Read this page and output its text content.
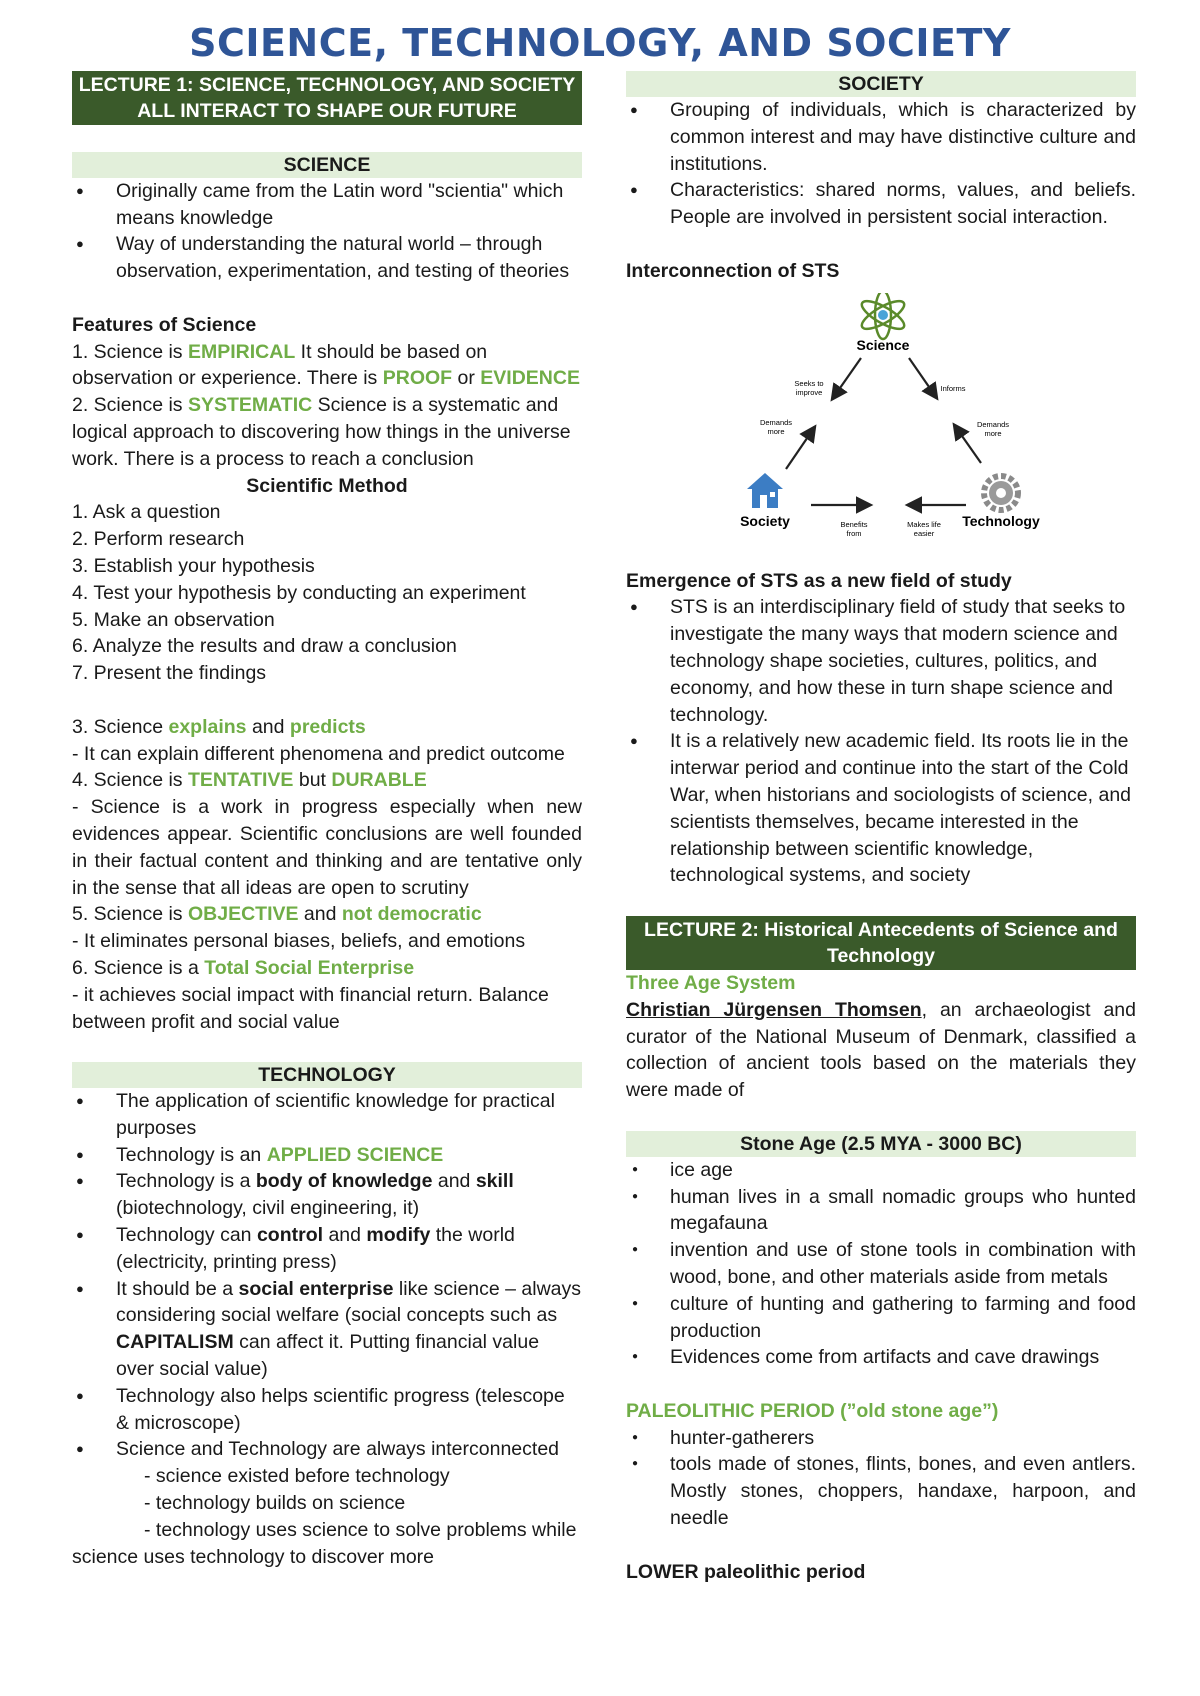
SCIENCE, TECHNOLOGY, AND SOCIETY
LECTURE 1: SCIENCE, TECHNOLOGY, AND SOCIETY
ALL INTERACT TO SHAPE OUR FUTURE
SCIENCE
● Originally came from the Latin word "scientia" which means knowledge
● Way of understanding the natural world – through observation, experimentation, and testing of theories
Features of Science
1. Science is EMPIRICAL It should be based on observation or experience. There is PROOF or EVIDENCE
2. Science is SYSTEMATIC Science is a systematic and logical approach to discovering how things in the universe work. There is a process to reach a conclusion
Scientific Method
1. Ask a question
2. Perform research
3. Establish your hypothesis
4. Test your hypothesis by conducting an experiment
5. Make an observation
6. Analyze the results and draw a conclusion
7. Present the findings
3. Science explains and predicts
- It can explain different phenomena and predict outcome
4. Science is TENTATIVE but DURABLE
- Science is a work in progress especially when new evidences appear. Scientific conclusions are well founded in their factual content and thinking and are tentative only in the sense that all ideas are open to scrutiny
5. Science is OBJECTIVE and not democratic
- It eliminates personal biases, beliefs, and emotions
6. Science is a Total Social Enterprise
- it achieves social impact with financial return. Balance between profit and social value
TECHNOLOGY
● The application of scientific knowledge for practical purposes
● Technology is an APPLIED SCIENCE
● Technology is a body of knowledge and skill (biotechnology, civil engineering, it)
● Technology can control and modify the world (electricity, printing press)
● It should be a social enterprise like science – always considering social welfare (social concepts such as CAPITALISM can affect it. Putting financial value over social value)
● Technology also helps scientific progress (telescope & microscope)
● Science and Technology are always interconnected
- science existed before technology
- technology builds on science
- technology uses science to solve problems while
science uses technology to discover more
SOCIETY
● Grouping of individuals, which is characterized by common interest and may have distinctive culture and institutions.
● Characteristics: shared norms, values, and beliefs. People are involved in persistent social interaction.
Interconnection of STS
Science
Seeks to
improve	Informs
Demands
more
Demands
more
Society	Technology
Benefits
from
Makes life
easier
Emergence of STS as a new field of study
● STS is an interdisciplinary field of study that seeks to investigate the many ways that modern science and technology shape societies, cultures, politics, and economy, and how these in turn shape science and technology.
● It is a relatively new academic field. Its roots lie in the interwar period and continue into the start of the Cold War, when historians and sociologists of science, and scientists themselves, became interested in the relationship between scientific knowledge, technological systems, and society
LECTURE 2: Historical Antecedents of Science and Technology
Three Age System
Christian Jürgensen Thomsen, an archaeologist and curator of the National Museum of Denmark, classified a collection of ancient tools based on the materials they were made of
Stone Age (2.5 MYA - 3000 BC)
● ice age
● human lives in a small nomadic groups who hunted megafauna
● invention and use of stone tools in combination with wood, bone, and other materials aside from metals
● culture of hunting and gathering to farming and food production
● Evidences come from artifacts and cave drawings
PALEOLITHIC PERIOD (”old stone age”)
● hunter-gatherers
● tools made of stones, flints, bones, and even antlers. Mostly stones, choppers, handaxe, harpoon, and needle
LOWER paleolithic period
